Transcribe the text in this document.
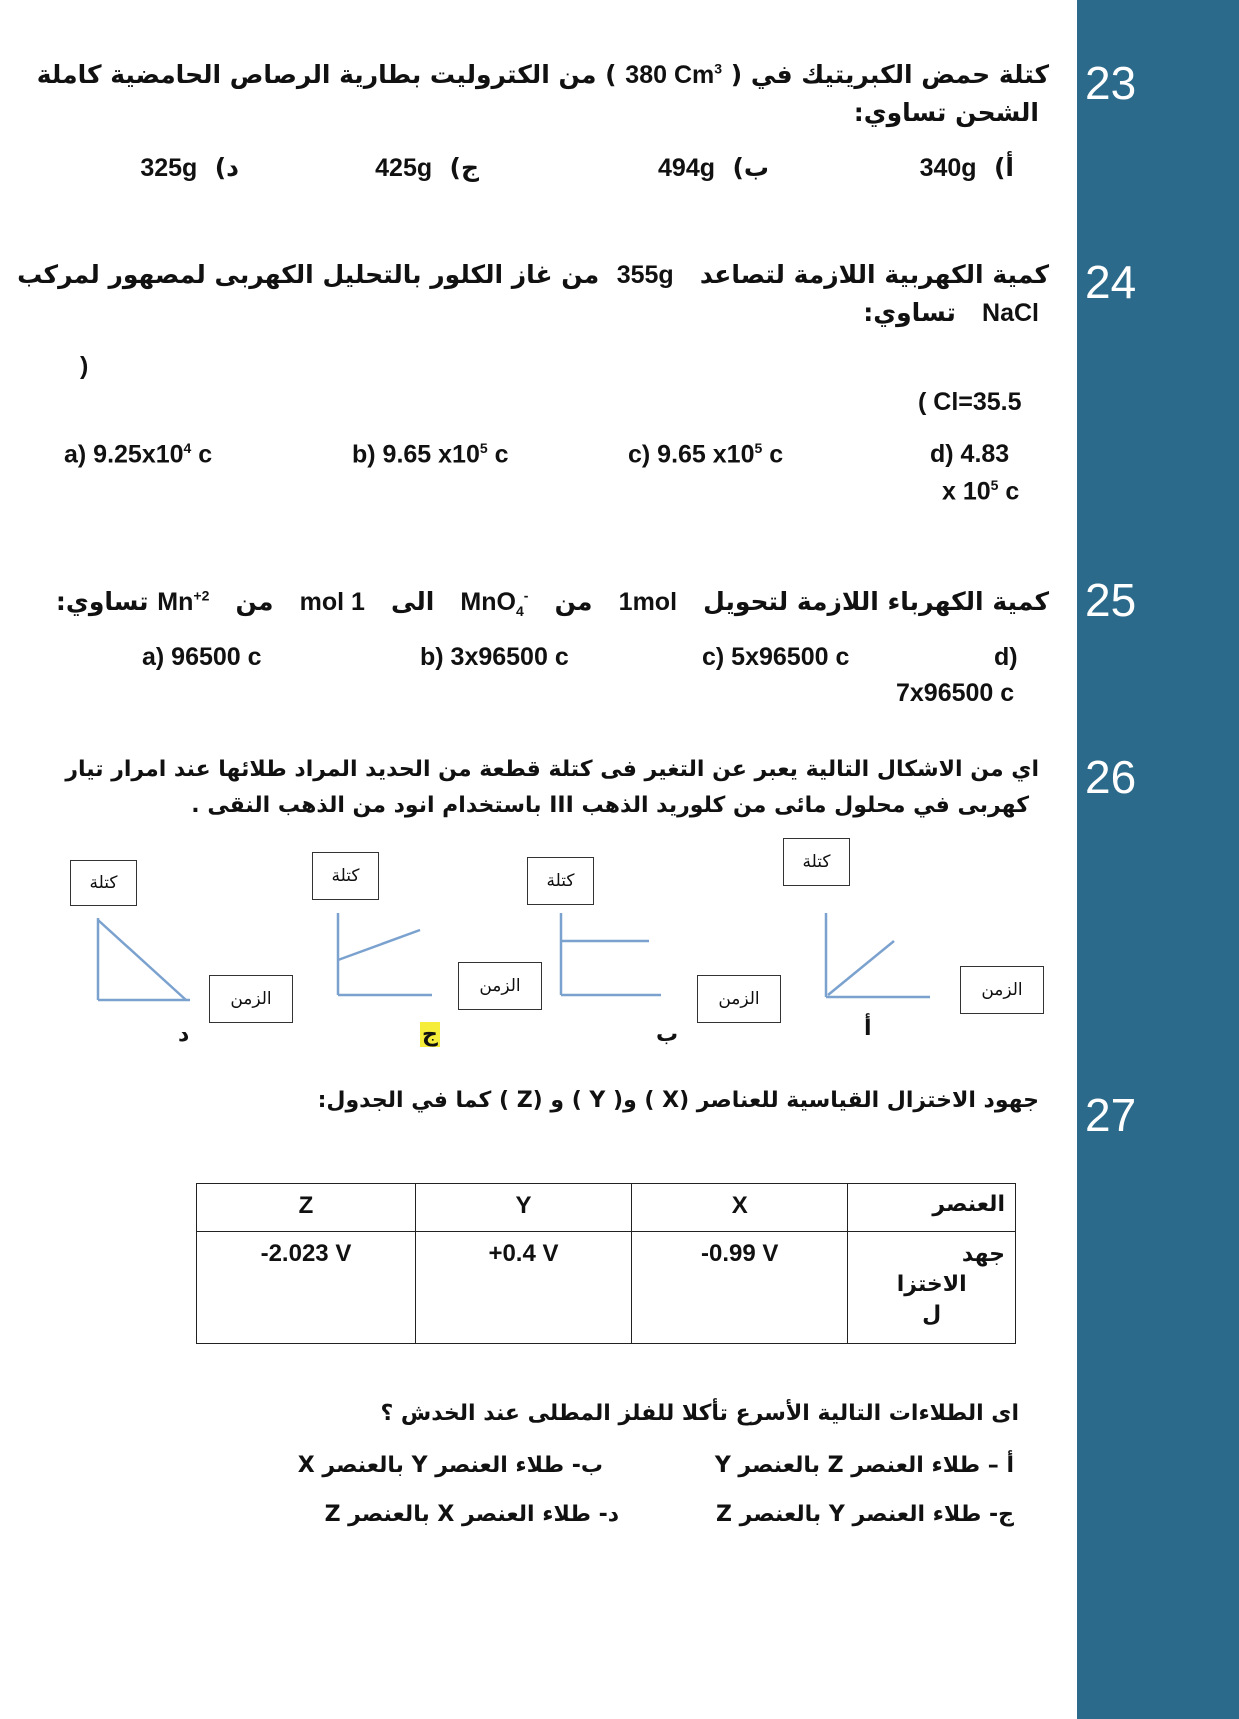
23
كتلة حمض الكبريتيك في ( 380 Cm$^3$ ) من الكتروليت بطارية الرصاص الحامضية كاملة
الشحن تساوي:
أ)  340g
ب)  494g
ج)  425g
د)  325g
24
كمية الكهربية اللازمة لتصاعد   355g  من غاز الكلور بالتحليل الكهربى لمصهور لمركب
NaCl   تساوي:
)
( Cl=35.5
a) $9.25x10^4$ c	b) 9.65 $x10^5$ c	c) 9.65 $x10^5$ c	d) 4.83
x $10^5$ c
25
كمية الكهرباء اللازمة لتحويل   1mol   من   MnO$_4$-   الى   1 mol   من   $Mn^{+2}$ تساوي:
a) 96500 c	b) 3x96500 c	c) 5x96500 c	d)
7x96500 c
26
اي من الاشكال التالية يعبر عن التغير فى كتلة قطعة من الحديد المراد طلائها عند امرار تيار
كهربى في محلول مائى من كلوريد الذهب III باستخدام انود من الذهب النقى .
كتلة
الزمن
د
كتلة
الزمن
ج
كتلة
الزمن
ب
كتلة
الزمن
أ
27
جهود الاختزال القياسية للعناصر (X ) و( Y ) و (Z ) كما في الجدول:
Z	Y	X	العنصر
-2.023 V	+0.4 V	-0.99 V	جهد
الاختزا
ل
اى الطلاءات التالية الأسرع تأكلا للفلز المطلى عند الخدش ؟
أ – طلاء العنصر Z بالعنصر Y
ب- طلاء العنصر Y بالعنصر X
ج- طلاء العنصر Y بالعنصر Z
د- طلاء العنصر X بالعنصر Z
